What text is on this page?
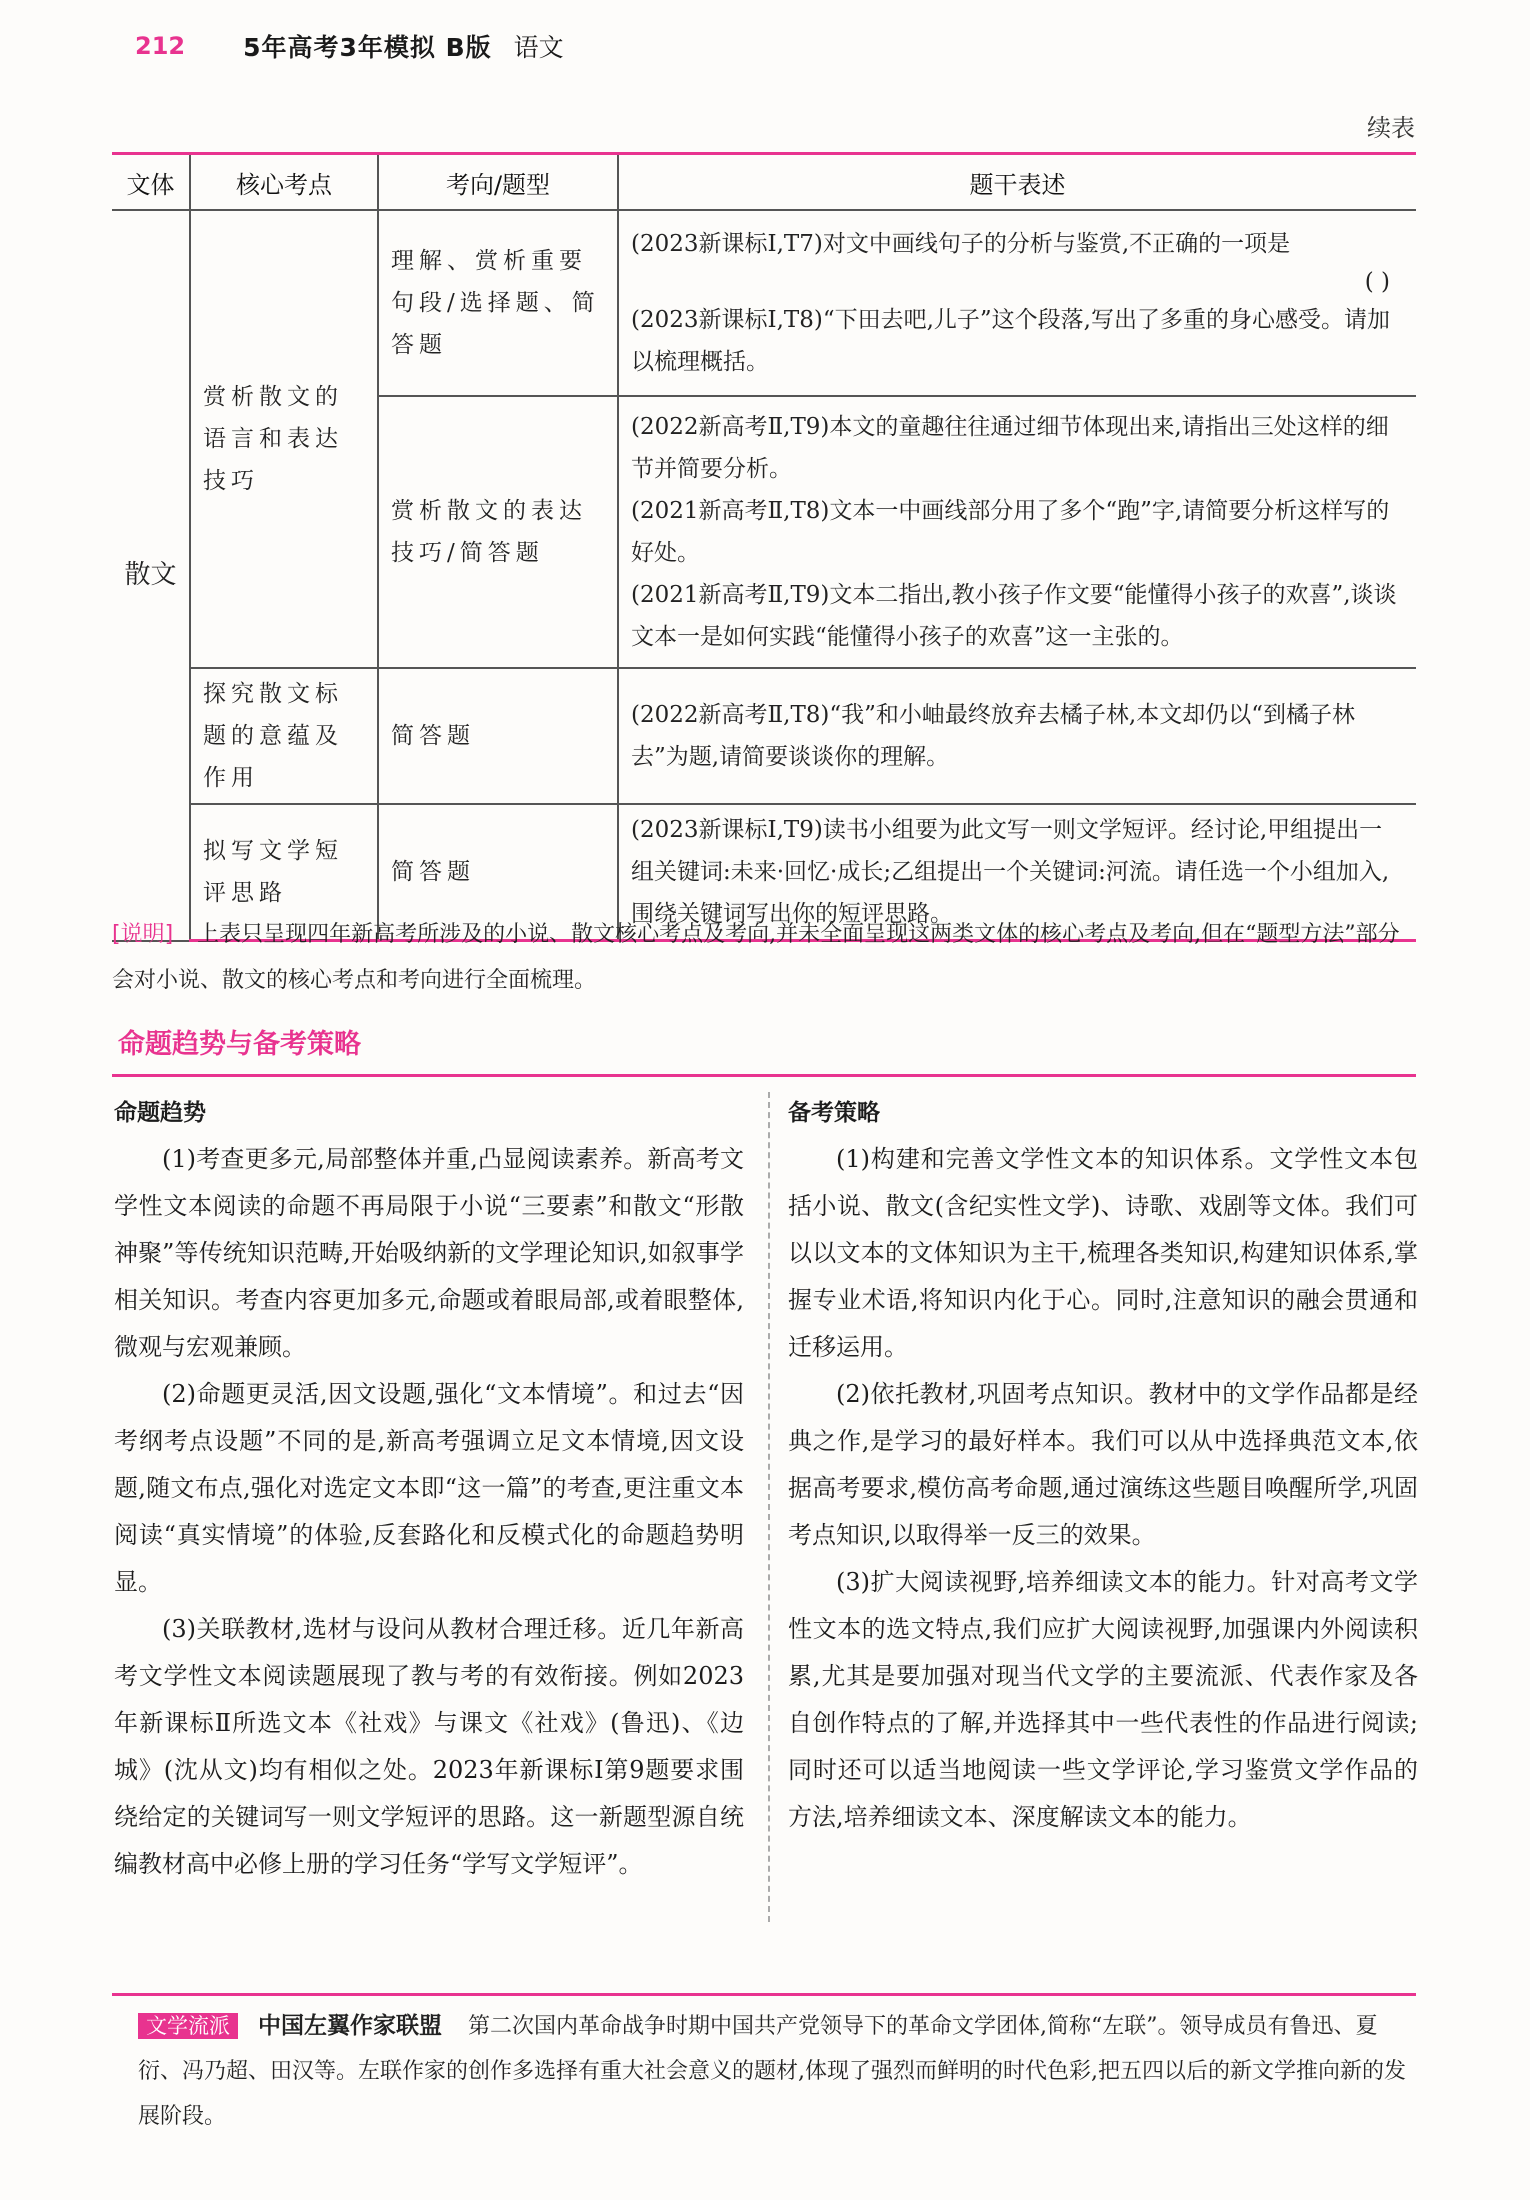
212 5年高考3年模拟 B版 语文
续表
文体	核心考点	考向/题型	题干表述
散文	赏析散文的语言和表达技巧	理解、赏析重要句段/选择题、简答题	(2023新课标Ⅰ,T7)对文中画线句子的分析与鉴赏,不正确的一项是
( )
(2023新课标Ⅰ,T8)“下田去吧,儿子”这个段落,写出了多重的身心感受。请加以梳理概括。

		赏析散文的表达技巧/简答题	(2022新高考Ⅱ,T9)本文的童趣往往通过细节体现出来,请指出三处这样的细节并简要分析。
(2021新高考Ⅱ,T8)文本一中画线部分用了多个“跑”字,请简要分析这样写的好处。
(2021新高考Ⅱ,T9)文本二指出,教小孩子作文要“能懂得小孩子的欢喜”,谈谈文本一是如何实践“能懂得小孩子的欢喜”这一主张的。

	探究散文标题的意蕴及作用	简答题	(2022新高考Ⅱ,T8)“我”和小岫最终放弃去橘子林,本文却仍以“到橘子林去”为题,请简要谈谈你的理解。
	拟写文学短评思路	简答题	(2023新课标Ⅰ,T9)读书小组要为此文写一则文学短评。经讨论,甲组提出一组关键词:未来·回忆·成长;乙组提出一个关键词:河流。请任选一个小组加入,围绕关键词写出你的短评思路。
[说明] 上表只呈现四年新高考所涉及的小说、散文核心考点及考向,并未全面呈现这两类文体的核心考点及考向,但在“题型方法”部分会对小说、散文的核心考点和考向进行全面梳理。
命题趋势与备考策略
命题趋势

(1)考查更多元,局部整体并重,凸显阅读素养。新高考文学性文本阅读的命题不再局限于小说“三要素”和散文“形散神聚”等传统知识范畴,开始吸纳新的文学理论知识,如叙事学相关知识。考查内容更加多元,命题或着眼局部,或着眼整体,微观与宏观兼顾。

(2)命题更灵活,因文设题,强化“文本情境”。和过去“因考纲考点设题”不同的是,新高考强调立足文本情境,因文设题,随文布点,强化对选定文本即“这一篇”的考查,更注重文本阅读“真实情境”的体验,反套路化和反模式化的命题趋势明显。

(3)关联教材,选材与设问从教材合理迁移。近几年新高考文学性文本阅读题展现了教与考的有效衔接。例如2023年新课标Ⅱ所选文本《社戏》与课文《社戏》(鲁迅)、《边城》(沈从文)均有相似之处。2023年新课标Ⅰ第9题要求围绕给定的关键词写一则文学短评的思路。这一新题型源自统编教材高中必修上册的学习任务“学写文学短评”。

备考策略

(1)构建和完善文学性文本的知识体系。文学性文本包括小说、散文(含纪实性文学)、诗歌、戏剧等文体。我们可以以文本的文体知识为主干,梳理各类知识,构建知识体系,掌握专业术语,将知识内化于心。同时,注意知识的融会贯通和迁移运用。

(2)依托教材,巩固考点知识。教材中的文学作品都是经典之作,是学习的最好样本。我们可以从中选择典范文本,依据高考要求,模仿高考命题,通过演练这些题目唤醒所学,巩固考点知识,以取得举一反三的效果。

(3)扩大阅读视野,培养细读文本的能力。针对高考文学性文本的选文特点,我们应扩大阅读视野,加强课内外阅读积累,尤其是要加强对现当代文学的主要流派、代表作家及各自创作特点的了解,并选择其中一些代表性的作品进行阅读;同时还可以适当地阅读一些文学评论,学习鉴赏文学作品的方法,培养细读文本、深度解读文本的能力。

文学流派 中国左翼作家联盟 第二次国内革命战争时期中国共产党领导下的革命文学团体,简称“左联”。领导成员有鲁迅、夏衍、冯乃超、田汉等。左联作家的创作多选择有重大社会意义的题材,体现了强烈而鲜明的时代色彩,把五四以后的新文学推向新的发展阶段。
